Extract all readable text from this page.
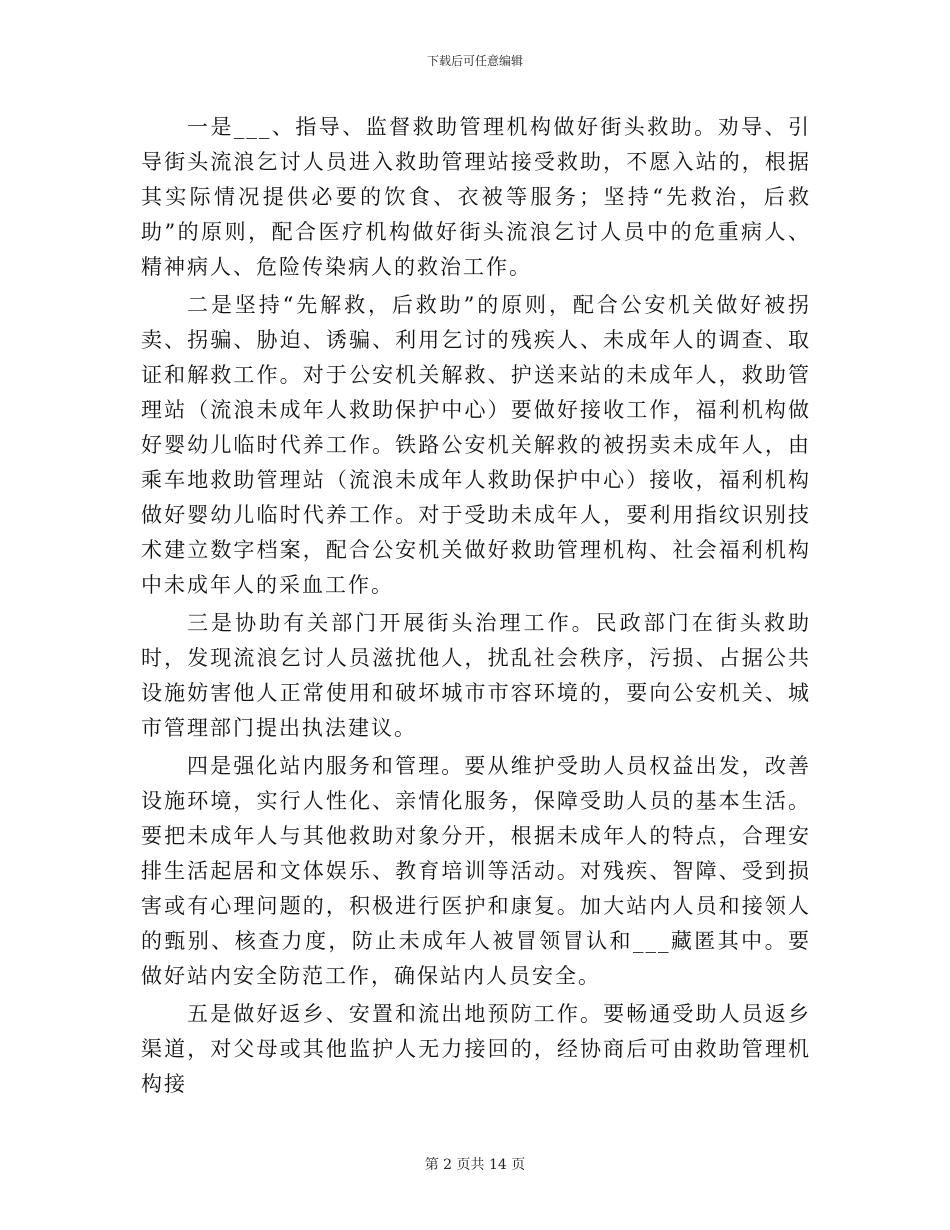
下载后可任意编辑

一是___、指导、监督救助管理机构做好街头救助。劝导、引导街头流浪乞讨人员进入救助管理站接受救助，不愿入站的，根据其实际情况提供必要的饮食、衣被等服务；坚持“先救治，后救助”的原则，配合医疗机构做好街头流浪乞讨人员中的危重病人、精神病人、危险传染病人的救治工作。

二是坚持“先解救，后救助”的原则，配合公安机关做好被拐卖、拐骗、胁迫、诱骗、利用乞讨的残疾人、未成年人的调查、取证和解救工作。对于公安机关解救、护送来站的未成年人，救助管理站（流浪未成年人救助保护中心）要做好接收工作，福利机构做好婴幼儿临时代养工作。铁路公安机关解救的被拐卖未成年人，由乘车地救助管理站（流浪未成年人救助保护中心）接收，福利机构做好婴幼儿临时代养工作。对于受助未成年人，要利用指纹识别技术建立数字档案，配合公安机关做好救助管理机构、社会福利机构中未成年人的采血工作。

三是协助有关部门开展街头治理工作。民政部门在街头救助时，发现流浪乞讨人员滋扰他人，扰乱社会秩序，污损、占据公共设施妨害他人正常使用和破坏城市市容环境的，要向公安机关、城市管理部门提出执法建议。

四是强化站内服务和管理。要从维护受助人员权益出发，改善设施环境，实行人性化、亲情化服务，保障受助人员的基本生活。要把未成年人与其他救助对象分开，根据未成年人的特点，合理安排生活起居和文体娱乐、教育培训等活动。对残疾、智障、受到损害或有心理问题的，积极进行医护和康复。加大站内人员和接领人的甄别、核查力度，防止未成年人被冒领冒认和___藏匿其中。要做好站内安全防范工作，确保站内人员安全。

五是做好返乡、安置和流出地预防工作。要畅通受助人员返乡渠道，对父母或其他监护人无力接回的，经协商后可由救助管理机构接

第 2 页共 14 页
